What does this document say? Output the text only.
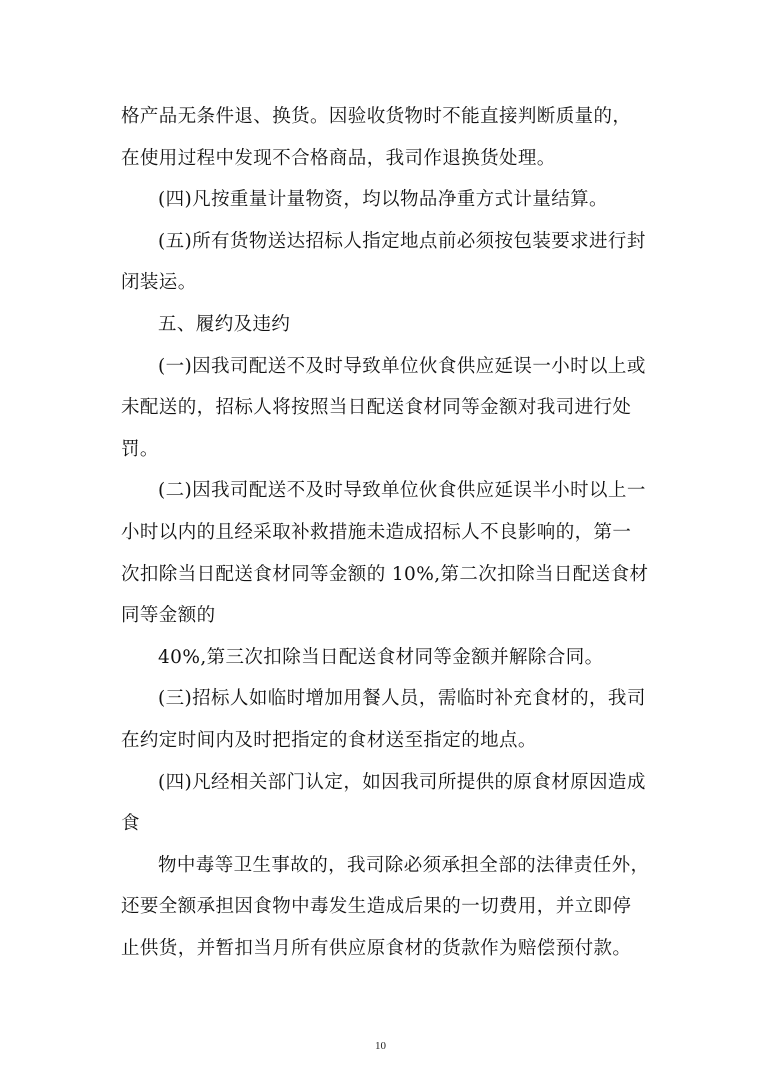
格产品无条件退、换货。因验收货物时不能直接判断质量的，
在使用过程中发现不合格商品，我司作退换货处理。
(四)凡按重量计量物资，均以物品净重方式计量结算。
(五)所有货物送达招标人指定地点前必须按包装要求进行封
闭装运。
五、履约及违约
(一)因我司配送不及时导致单位伙食供应延误一小时以上或
未配送的，招标人将按照当日配送食材同等金额对我司进行处
罚。
(二)因我司配送不及时导致单位伙食供应延误半小时以上一
小时以内的且经采取补救措施未造成招标人不良影响的，第一
次扣除当日配送食材同等金额的 10%,第二次扣除当日配送食材
同等金额的
40%,第三次扣除当日配送食材同等金额并解除合同。
(三)招标人如临时增加用餐人员，需临时补充食材的，我司
在约定时间内及时把指定的食材送至指定的地点。
(四)凡经相关部门认定，如因我司所提供的原食材原因造成
食
物中毒等卫生事故的，我司除必须承担全部的法律责任外，
还要全额承担因食物中毒发生造成后果的一切费用，并立即停
止供货，并暂扣当月所有供应原食材的货款作为赔偿预付款。
10
